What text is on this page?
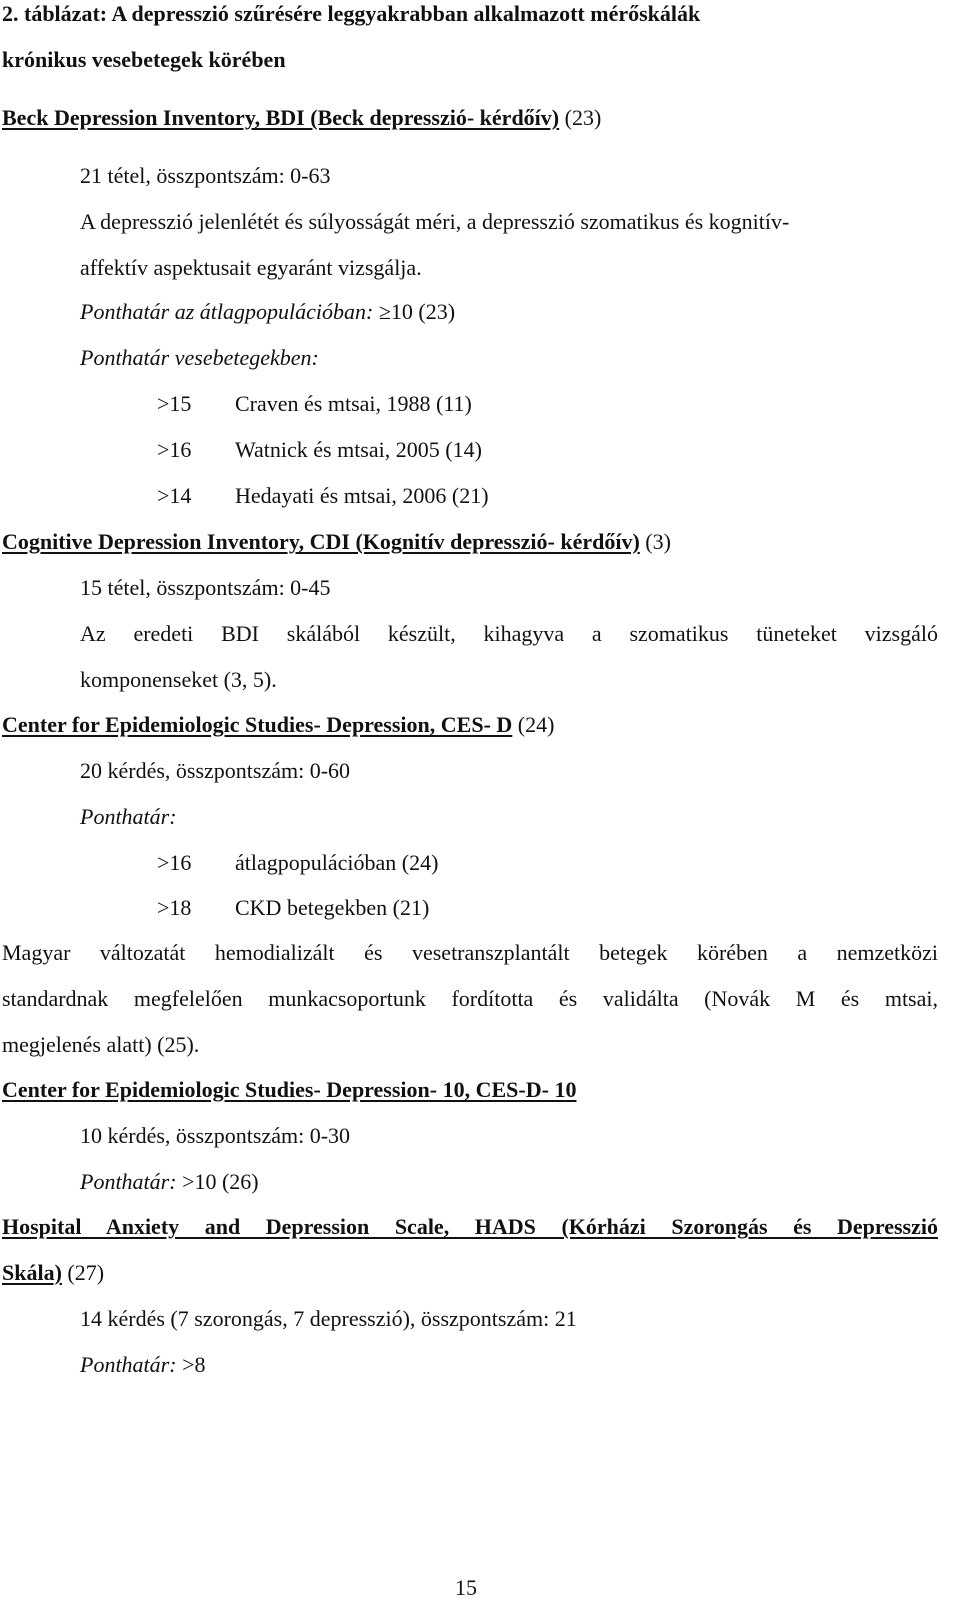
2. táblázat: A depresszió szűrésére leggyakrabban alkalmazott mérőskálák
krónikus vesebetegek körében
Beck Depression Inventory, BDI (Beck depresszió- kérdőív) (23)
21 tétel, összpontszám: 0-63
A depresszió jelenlétét és súlyosságát méri, a depresszió szomatikus és kognitív-
affektív aspektusait egyaránt vizsgálja.
Ponthatár az átlagpopulációban: ≥10 (23)
Ponthatár vesebetegekben:
>15 Craven és mtsai, 1988 (11)
>16 Watnick és mtsai, 2005 (14)
>14 Hedayati és mtsai, 2006 (21)
Cognitive Depression Inventory, CDI (Kognitív depresszió- kérdőív) (3)
15 tétel, összpontszám: 0-45
Az eredeti BDI skálából készült, kihagyva a szomatikus tüneteket vizsgáló
komponenseket (3, 5).
Center for Epidemiologic Studies- Depression, CES- D (24)
20 kérdés, összpontszám: 0-60
Ponthatár:
>16 átlagpopulációban (24)
>18 CKD betegekben (21)
Magyar változatát hemodializált és vesetranszplantált betegek körében a nemzetközi
standardnak megfelelően munkacsoportunk fordította és validálta (Novák M és mtsai,
megjelenés alatt) (25).
Center for Epidemiologic Studies- Depression- 10, CES-D- 10
10 kérdés, összpontszám: 0-30
Ponthatár: >10 (26)
Hospital Anxiety and Depression Scale, HADS (Kórházi Szorongás és Depresszió
Skála) (27)
14 kérdés (7 szorongás, 7 depresszió), összpontszám: 21
Ponthatár: >8
15
